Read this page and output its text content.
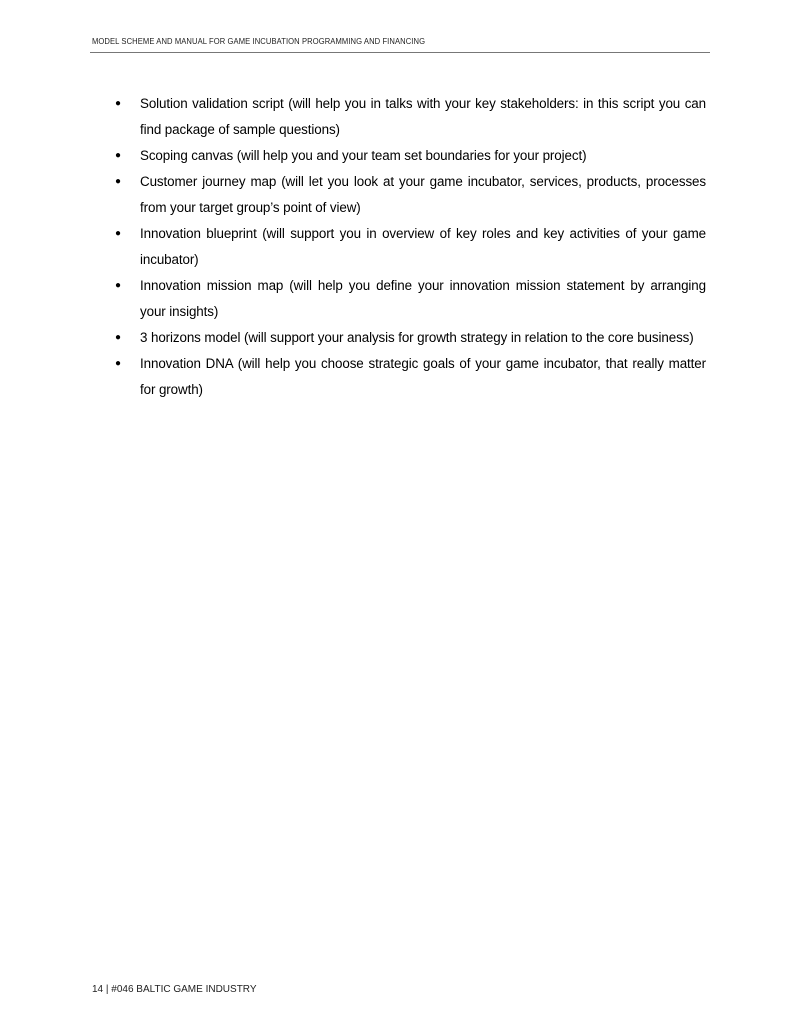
MODEL SCHEME AND MANUAL FOR GAME INCUBATION PROGRAMMING AND FINANCING
● Solution validation script (will help you in talks with your key stakeholders: in this script you can find package of sample questions)
● Scoping canvas (will help you and your team set boundaries for your project)
● Customer journey map (will let you look at your game incubator, services, products, processes from your target group’s point of view)
● Innovation blueprint (will support you in overview of key roles and key activities of your game incubator)
● Innovation mission map (will help you define your innovation mission statement by arranging your insights)
● 3 horizons model (will support your analysis for growth strategy in relation to the core business)
● Innovation DNA (will help you choose strategic goals of your game incubator, that really matter for growth)
14 | #046 BALTIC GAME INDUSTRY
